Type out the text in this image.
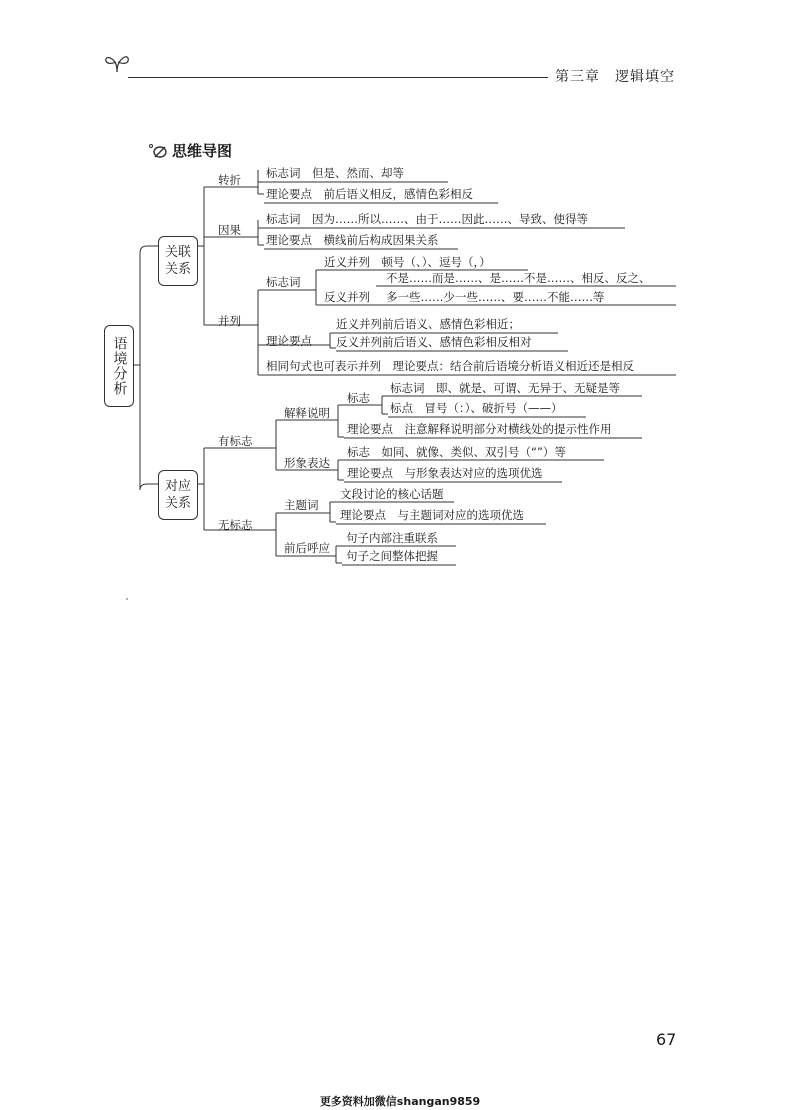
第三章　逻辑填空
思维导图
语境分析
关联关系
对应关系
转折 标志词　但是、然而、却等
理论要点　前后语义相反，感情色彩相反
因果
标志词　因为……所以……、由于……因此……、导致、使得等
理论要点　横线前后构成因果关系
并列
标志词
近义并列　顿号（、）、逗号（，）
不是……而是……、是……不是……、相反、反之、
反义并列 多一些……少一些……、要……不能……等
理论要点
近义并列前后语义、感情色彩相近；
反义并列前后语义、感情色彩相反相对
相同句式也可表示并列　理论要点：结合前后语境分析语义相近还是相反
有标志
解释说明
标志
标志词　即、就是、可谓、无异于、无疑是等
标点　冒号（：）、破折号（——）
理论要点　注意解释说明部分对横线处的提示性作用
形象表达
标志　如同、就像、类似、双引号（“”）等
理论要点　与形象表达对应的选项优选
无标志
主题词
文段讨论的核心话题
理论要点　与主题词对应的选项优选
前后呼应
句子内部注重联系
句子之间整体把握
67
更多资料加微信shangan9859
